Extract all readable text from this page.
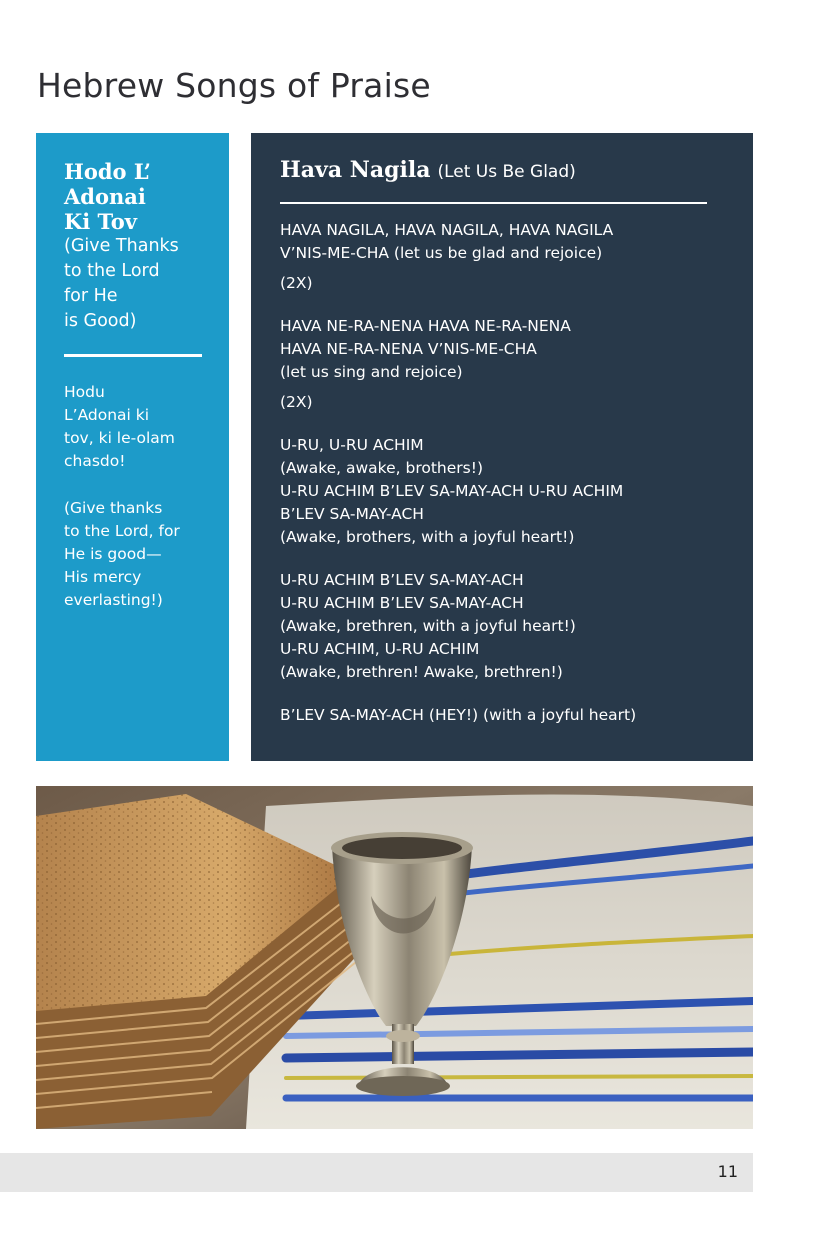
Hebrew Songs of Praise
Hodo L’
Adonai
Ki Tov
(Give Thanks
to the Lord
for He
is Good)
Hodu
L’Adonai ki
tov, ki le-olam
chasdo!
(Give thanks
to the Lord, for
He is good—
His mercy
everlasting!)
Hava Nagila (Let Us Be Glad)
HAVA NAGILA, HAVA NAGILA, HAVA NAGILA
V’NIS-ME-CHA (let us be glad and rejoice)
(2X)
HAVA NE-RA-NENA HAVA NE-RA-NENA
HAVA NE-RA-NENA V’NIS-ME-CHA
(let us sing and rejoice)
(2X)
U-RU, U-RU ACHIM
(Awake, awake, brothers!)
U-RU ACHIM B’LEV SA-MAY-ACH U-RU ACHIM
B’LEV SA-MAY-ACH
(Awake, brothers, with a joyful heart!)
U-RU ACHIM B’LEV SA-MAY-ACH
U-RU ACHIM B’LEV SA-MAY-ACH
(Awake, brethren, with a joyful heart!)
U-RU ACHIM, U-RU ACHIM
(Awake, brethren! Awake, brethren!)
B’LEV SA-MAY-ACH (HEY!) (with a joyful heart)
11
